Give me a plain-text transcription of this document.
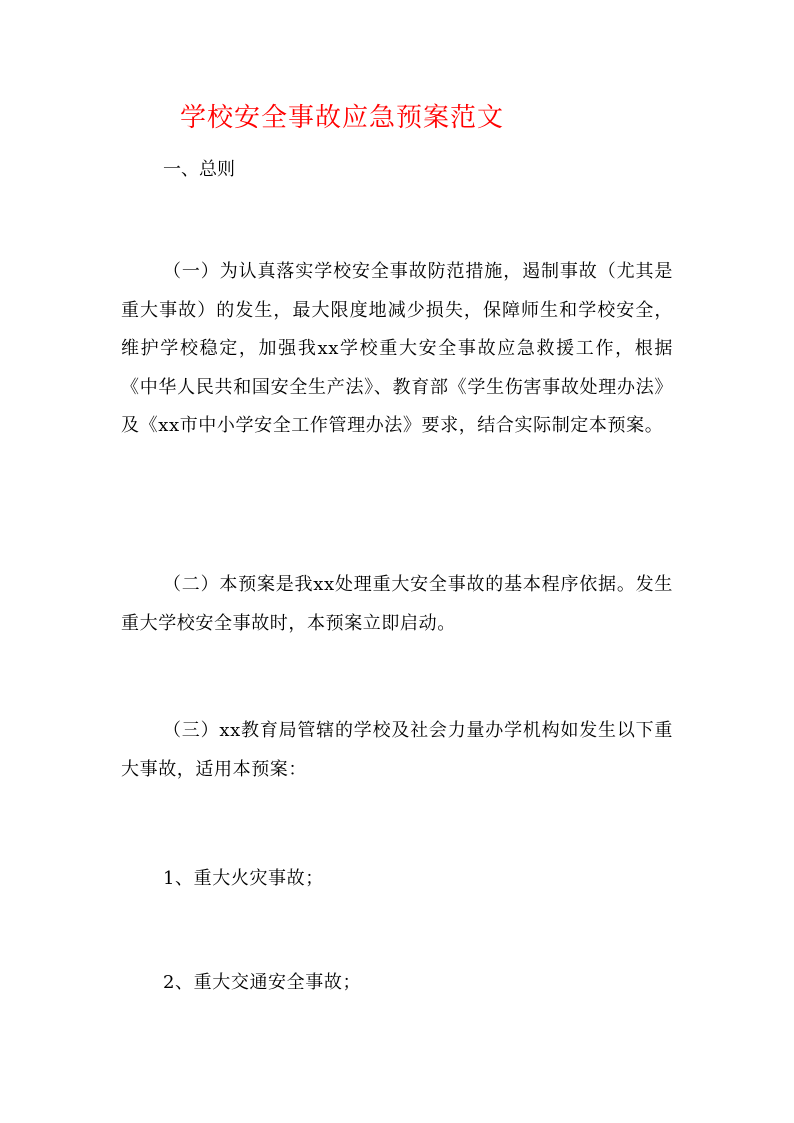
学校安全事故应急预案范文
一、总则
（一）为认真落实学校安全事故防范措施，遏制事故（尤其是重大事故）的发生，最大限度地减少损失，保障师生和学校安全，维护学校稳定，加强我xx学校重大安全事故应急救援工作，根据《中华人民共和国安全生产法》、教育部《学生伤害事故处理办法》及《xx市中小学安全工作管理办法》要求，结合实际制定本预案。
（二）本预案是我xx处理重大安全事故的基本程序依据。发生重大学校安全事故时，本预案立即启动。
（三）xx教育局管辖的学校及社会力量办学机构如发生以下重大事故，适用本预案：
1、重大火灾事故；
2、重大交通安全事故；
